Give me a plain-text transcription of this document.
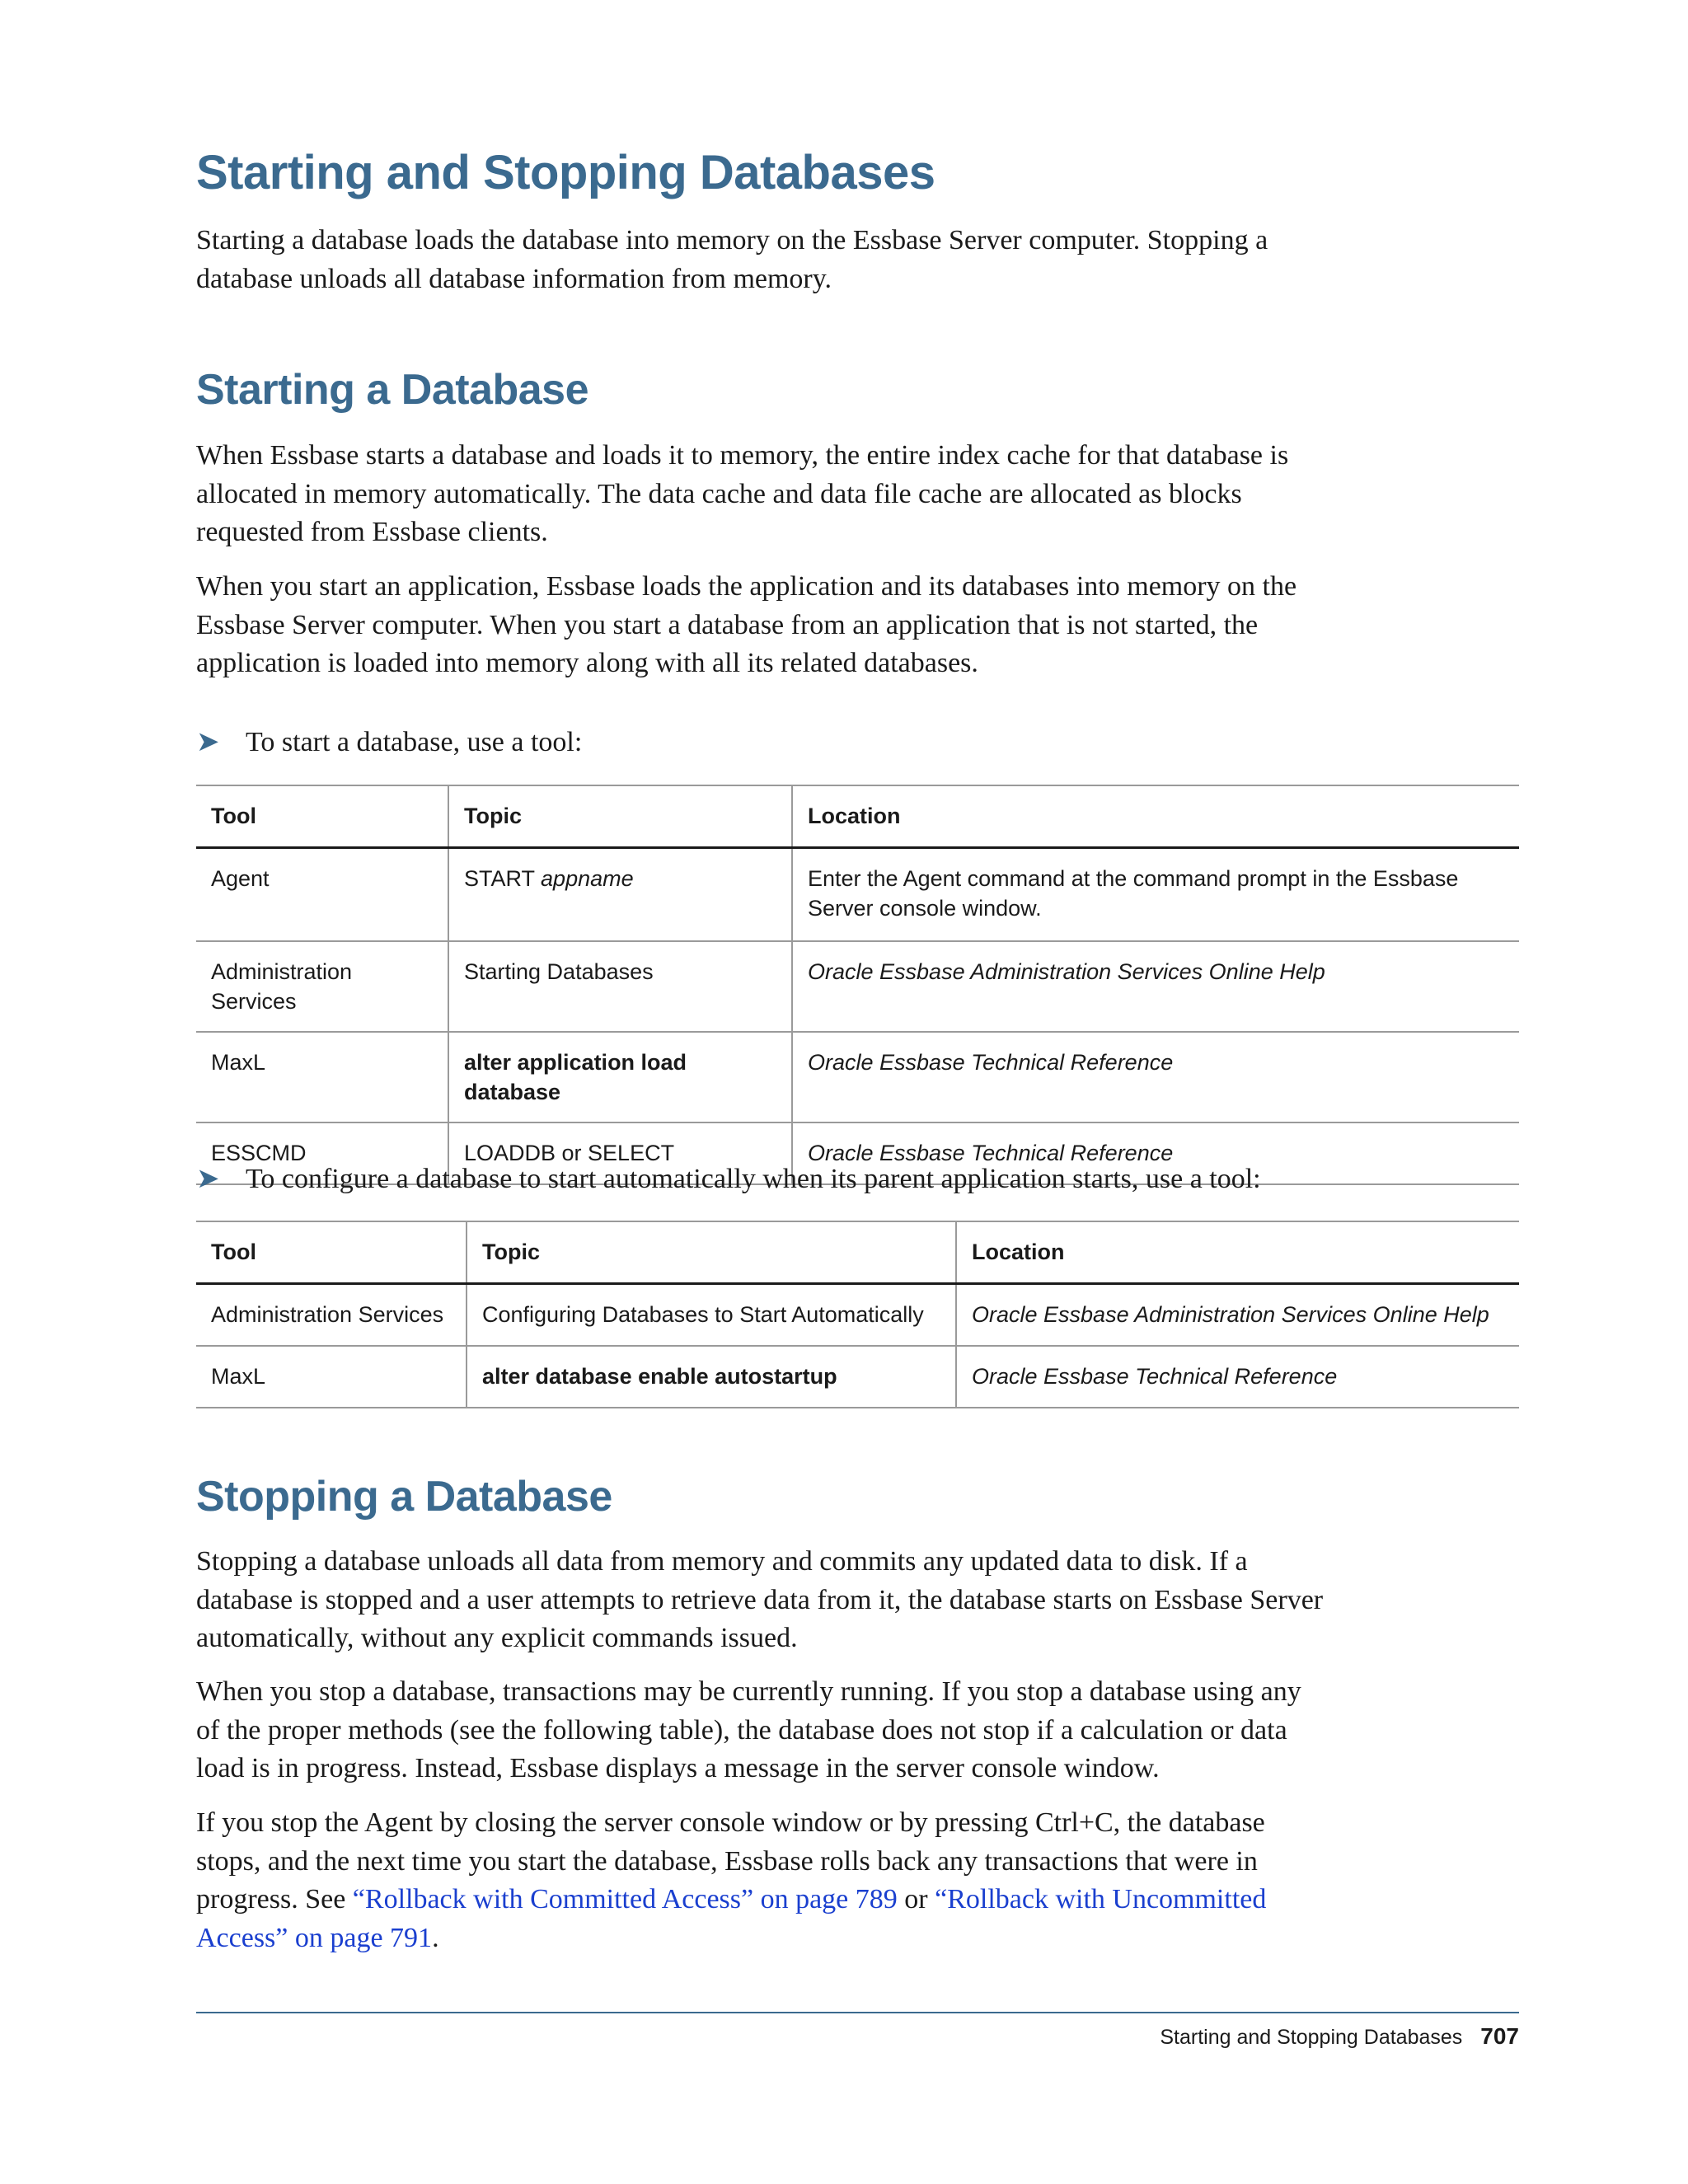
Starting and Stopping Databases

Starting a database loads the database into memory on the Essbase Server computer. Stopping a database unloads all database information from memory.

Starting a Database

When Essbase starts a database and loads it to memory, the entire index cache for that database is allocated in memory automatically. The data cache and data file cache are allocated as blocks requested from Essbase clients.

When you start an application, Essbase loads the application and its databases into memory on the Essbase Server computer. When you start a database from an application that is not started, the application is loaded into memory along with all its related databases.

➤ To start a database, use a tool:

Tool	Topic	Location
Agent	START appname	Enter the Agent command at the command prompt in the Essbase Server console window.
Administration Services	Starting Databases	Oracle Essbase Administration Services Online Help
MaxL	alter application load database	Oracle Essbase Technical Reference
ESSCMD	LOADDB or SELECT	Oracle Essbase Technical Reference

➤ To configure a database to start automatically when its parent application starts, use a tool:

Tool	Topic	Location
Administration Services	Configuring Databases to Start Automatically	Oracle Essbase Administration Services Online Help
MaxL	alter database enable autostartup	Oracle Essbase Technical Reference
Stopping a Database

Stopping a database unloads all data from memory and commits any updated data to disk. If a database is stopped and a user attempts to retrieve data from it, the database starts on Essbase Server automatically, without any explicit commands issued.

When you stop a database, transactions may be currently running. If you stop a database using any of the proper methods (see the following table), the database does not stop if a calculation or data load is in progress. Instead, Essbase displays a message in the server console window.

If you stop the Agent by closing the server console window or by pressing Ctrl+C, the database stops, and the next time you start the database, Essbase rolls back any transactions that were in progress. See “Rollback with Committed Access” on page 789 or “Rollback with Uncommitted Access” on page 791.

Starting and Stopping Databases 707
